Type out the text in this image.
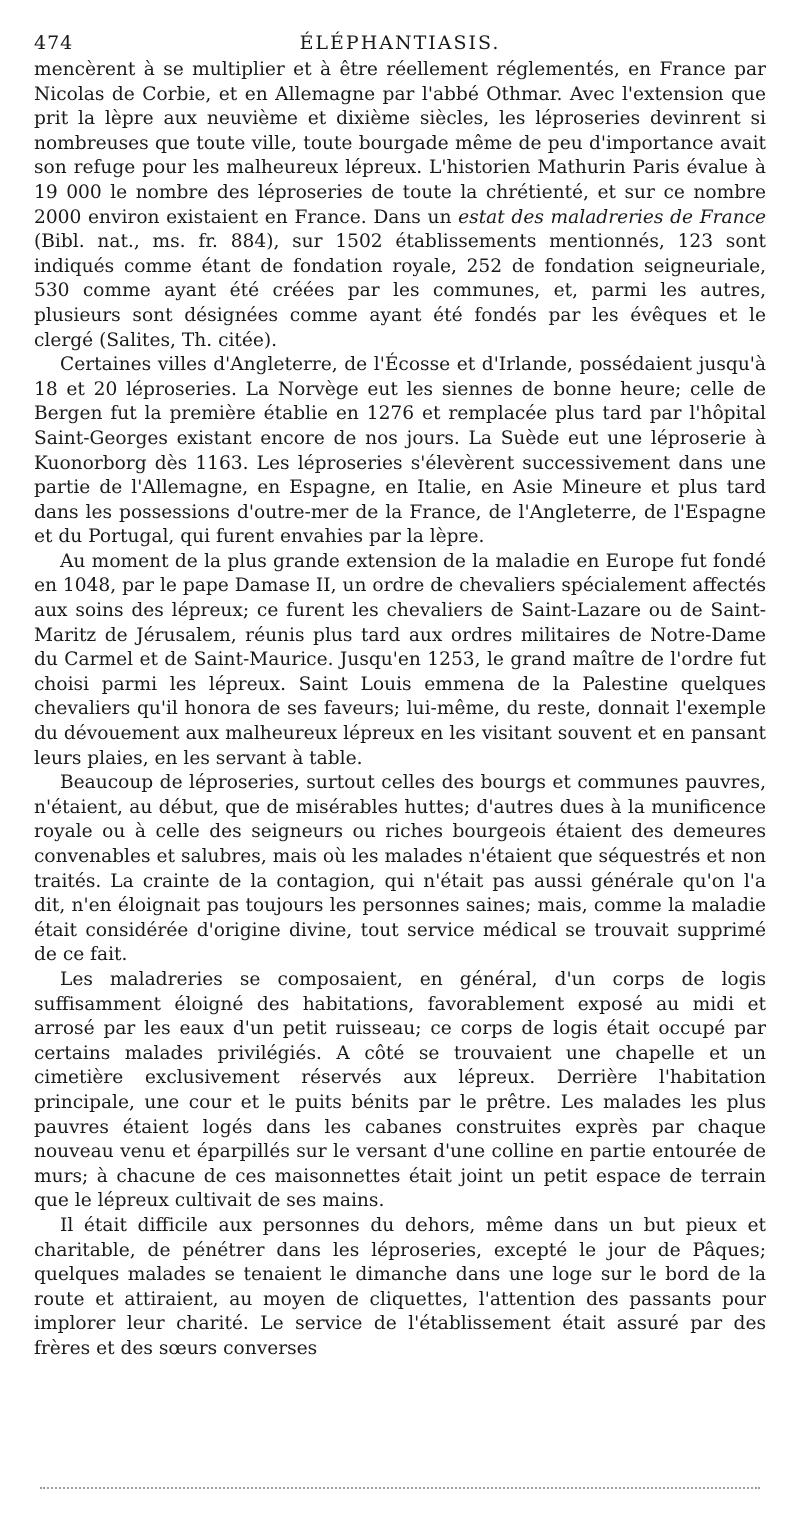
474	ÉLÉPHANTIASIS.

mencèrent à se multiplier et à être réellement réglementés, en France par Nicolas de Corbie, et en Allemagne par l'abbé Othmar. Avec l'extension que prit la lèpre aux neuvième et dixième siècles, les léproseries devinrent si nombreuses que toute ville, toute bourgade même de peu d'importance avait son refuge pour les malheureux lépreux. L'historien Mathurin Paris évalue à 19 000 le nombre des léproseries de toute la chrétienté, et sur ce nombre 2000 environ existaient en France. Dans un estat des maladreries de France (Bibl. nat., ms. fr. 884), sur 1502 établissements mentionnés, 123 sont indiqués comme étant de fondation royale, 252 de fondation seigneuriale, 530 comme ayant été créées par les communes, et, parmi les autres, plusieurs sont désignées comme ayant été fondés par les évêques et le clergé (Salites, Th. citée).

Certaines villes d'Angleterre, de l'Écosse et d'Irlande, possédaient jusqu'à 18 et 20 léproseries. La Norvège eut les siennes de bonne heure; celle de Bergen fut la première établie en 1276 et remplacée plus tard par l'hôpital Saint-Georges existant encore de nos jours. La Suède eut une léproserie à Kuonorborg dès 1163. Les léproseries s'élevèrent successivement dans une partie de l'Allemagne, en Espagne, en Italie, en Asie Mineure et plus tard dans les possessions d'outre-mer de la France, de l'Angleterre, de l'Espagne et du Portugal, qui furent envahies par la lèpre.

Au moment de la plus grande extension de la maladie en Europe fut fondé en 1048, par le pape Damase II, un ordre de chevaliers spécialement affectés aux soins des lépreux; ce furent les chevaliers de Saint-Lazare ou de Saint-Maritz de Jérusalem, réunis plus tard aux ordres militaires de Notre-Dame du Carmel et de Saint-Maurice. Jusqu'en 1253, le grand maître de l'ordre fut choisi parmi les lépreux. Saint Louis emmena de la Palestine quelques chevaliers qu'il honora de ses faveurs; lui-même, du reste, donnait l'exemple du dévouement aux malheureux lépreux en les visitant souvent et en pansant leurs plaies, en les servant à table.

Beaucoup de léproseries, surtout celles des bourgs et communes pauvres, n'étaient, au début, que de misérables huttes; d'autres dues à la munificence royale ou à celle des seigneurs ou riches bourgeois étaient des demeures convenables et salubres, mais où les malades n'étaient que séquestrés et non traités. La crainte de la contagion, qui n'était pas aussi générale qu'on l'a dit, n'en éloignait pas toujours les personnes saines; mais, comme la maladie était considérée d'origine divine, tout service médical se trouvait supprimé de ce fait.

Les maladreries se composaient, en général, d'un corps de logis suffisamment éloigné des habitations, favorablement exposé au midi et arrosé par les eaux d'un petit ruisseau; ce corps de logis était occupé par certains malades privilégiés. A côté se trouvaient une chapelle et un cimetière exclusivement réservés aux lépreux. Derrière l'habitation principale, une cour et le puits bénits par le prêtre. Les malades les plus pauvres étaient logés dans les cabanes construites exprès par chaque nouveau venu et éparpillés sur le versant d'une colline en partie entourée de murs; à chacune de ces maisonnettes était joint un petit espace de terrain que le lépreux cultivait de ses mains.

Il était difficile aux personnes du dehors, même dans un but pieux et charitable, de pénétrer dans les léproseries, excepté le jour de Pâques; quelques malades se tenaient le dimanche dans une loge sur le bord de la route et attiraient, au moyen de cliquettes, l'attention des passants pour implorer leur charité. Le service de l'établissement était assuré par des frères et des sœurs converses
